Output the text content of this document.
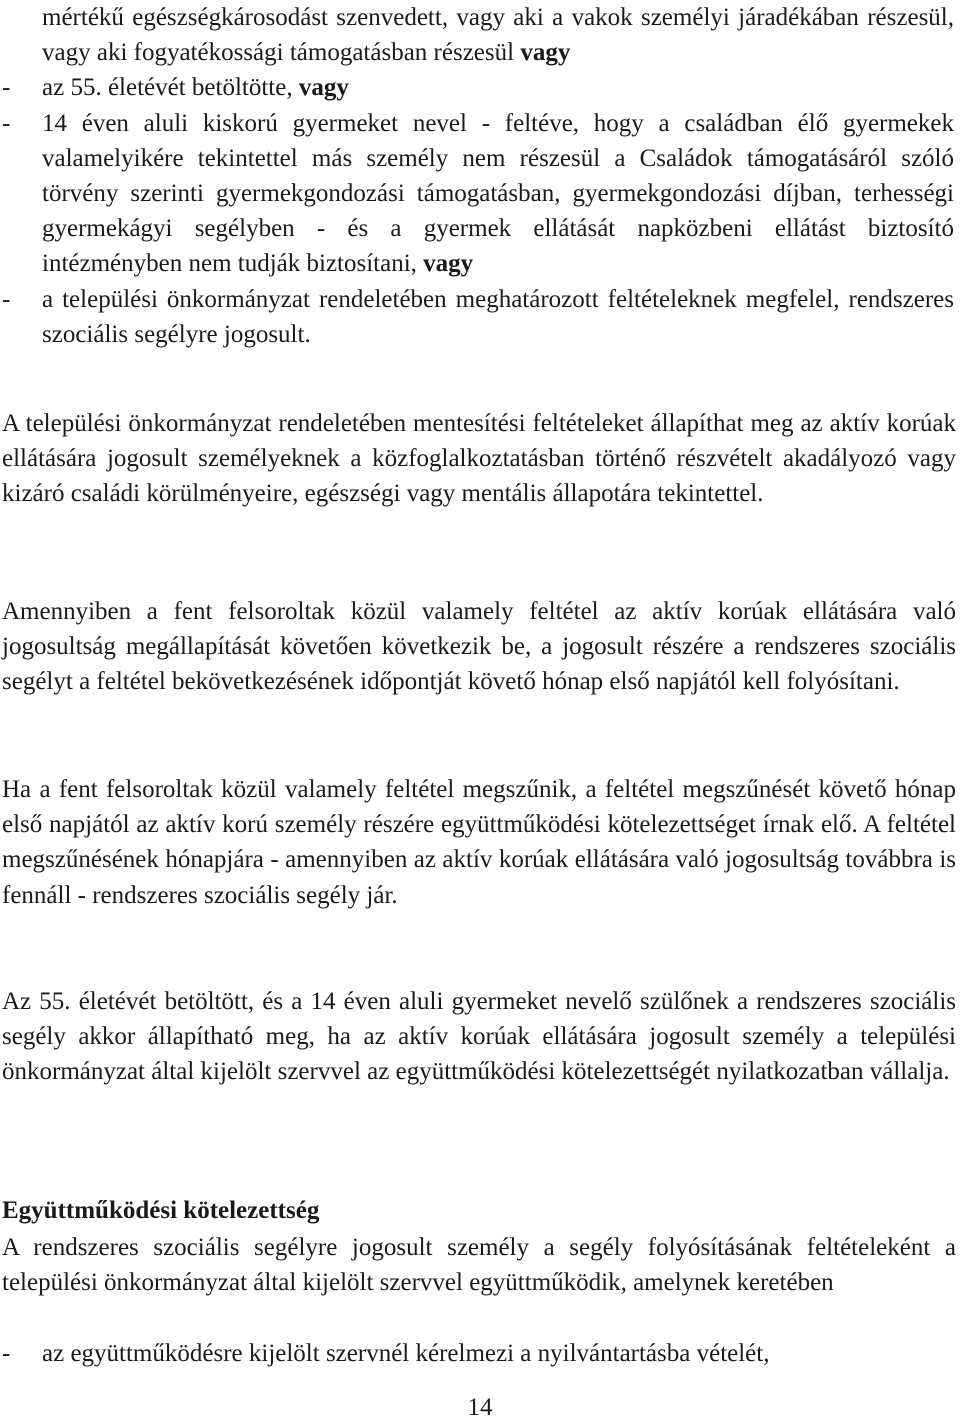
mértékű egészségkárosodást szenvedett, vagy aki a vakok személyi járadékában részesül, vagy aki fogyatékossági támogatásban részesül vagy
- az 55. életévét betöltötte, vagy
- 14 éven aluli kiskorú gyermeket nevel - feltéve, hogy a családban élő gyermekek valamelyikére tekintettel más személy nem részesül a Családok támogatásáról szóló törvény szerinti gyermekgondozási támogatásban, gyermekgondozási díjban, terhességi gyermekágyi segélyben - és a gyermek ellátását napközbeni ellátást biztosító intézményben nem tudják biztosítani, vagy
- a települési önkormányzat rendeletében meghatározott feltételeknek megfelel, rendszeres szociális segélyre jogosult.

A települési önkormányzat rendeletében mentesítési feltételeket állapíthat meg az aktív korúak ellátására jogosult személyeknek a közfoglalkoztatásban történő részvételt akadályozó vagy kizáró családi körülményeire, egészségi vagy mentális állapotára tekintettel.

Amennyiben a fent felsoroltak közül valamely feltétel az aktív korúak ellátására való jogosultság megállapítását követően következik be, a jogosult részére a rendszeres szociális segélyt a feltétel bekövetkezésének időpontját követő hónap első napjától kell folyósítani.

Ha a fent felsoroltak közül valamely feltétel megszűnik, a feltétel megszűnését követő hónap első napjától az aktív korú személy részére együttműködési kötelezettséget írnak elő. A feltétel megszűnésének hónapjára - amennyiben az aktív korúak ellátására való jogosultság továbbra is fennáll - rendszeres szociális segély jár.

Az 55. életévét betöltött, és a 14 éven aluli gyermeket nevelő szülőnek a rendszeres szociális segély akkor állapítható meg, ha az aktív korúak ellátására jogosult személy a települési önkormányzat által kijelölt szervvel az együttműködési kötelezettségét nyilatkozatban vállalja.

Együttműködési kötelezettség

A rendszeres szociális segélyre jogosult személy a segély folyósításának feltételeként a települési önkormányzat által kijelölt szervvel együttműködik, amelynek keretében

- az együttműködésre kijelölt szervnél kérelmezi a nyilvántartásba vételét,
14
